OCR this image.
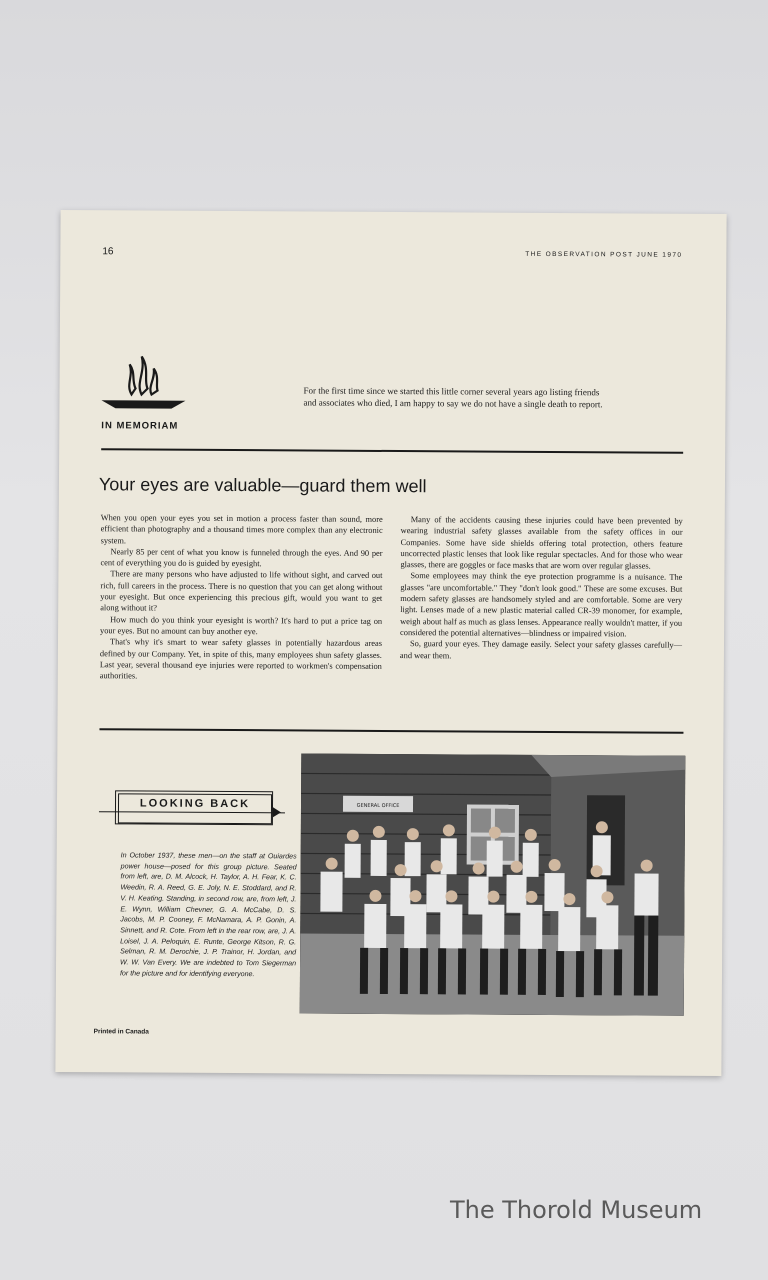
16	THE OBSERVATION POST JUNE 1970
IN MEMORIAM
For the first time since we started this little corner several years ago listing friends and associates who died, I am happy to say we do not have a single death to report.
Your eyes are valuable—guard them well

When you open your eyes you set in motion a process faster than sound, more efficient than photography and a thousand times more complex than any electronic system.

Nearly 85 per cent of what you know is funneled through the eyes. And 90 per cent of everything you do is guided by eyesight.

There are many persons who have adjusted to life without sight, and carved out rich, full careers in the process. There is no question that you can get along without your eyesight. But once experiencing this precious gift, would you want to get along without it?

How much do you think your eyesight is worth? It's hard to put a price tag on your eyes. But no amount can buy another eye.

That's why it's smart to wear safety glasses in potentially hazardous areas defined by our Company. Yet, in spite of this, many employees shun safety glasses. Last year, several thousand eye injuries were reported to workmen's compensation authorities.

Many of the accidents causing these injuries could have been prevented by wearing industrial safety glasses available from the safety offices in our Companies. Some have side shields offering total protection, others feature uncorrected plastic lenses that look like regular spectacles. And for those who wear glasses, there are goggles or face masks that are worn over regular glasses.

Some employees may think the eye protection programme is a nuisance. The glasses "are uncomfortable." They "don't look good." These are some excuses. But modern safety glasses are handsomely styled and are comfortable. Some are very light. Lenses made of a new plastic material called CR-39 monomer, for example, weigh about half as much as glass lenses. Appearance really wouldn't matter, if you considered the potential alternatives—blindness or impaired vision.

So, guard your eyes. They damage easily. Select your safety glasses carefully—and wear them.

LOOKING BACK
In October 1937, these men—on the staff at Ouiardes power house—posed for this group picture. Seated from left, are, D. M. Alcock, H. Taylor, A. H. Fear, K. C. Weedin, R. A. Reed, G. E. Joly, N. E. Stoddard, and R. V. H. Keating. Standing, in second row, are, from left, J. E. Wynn, William Chevner, G. A. McCabe, D. S. Jacobs, M. P. Cooney, F. McNamara, A. P. Gonin, A. Sinnett, and R. Cote. From left in the rear row, are, J. A. Loisel, J. A. Peloquin, E. Runte, George Kitson, R. G. Selman, R. M. Derochie, J. P. Trainor, H. Jordan, and W. W. Van Every. We are indebted to Tom Siegerman for the picture and for identifying everyone.
GENERAL OFFICE
Printed in Canada
The Thorold Museum
